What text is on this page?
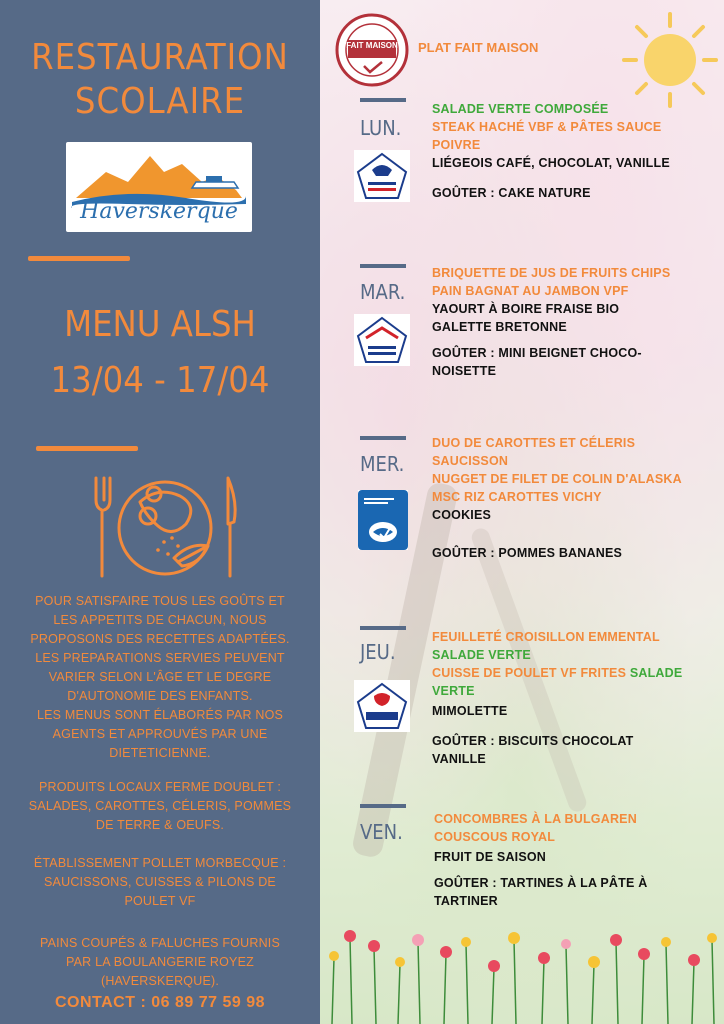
RESTAURATION
SCOLAIRE
Haverskerque
MENU ALSH
13/04 - 17/04
POUR SATISFAIRE TOUS LES GOÛTS ET
LES APPETITS DE CHACUN, NOUS
PROPOSONS DES RECETTES ADAPTÉES.
LES PREPARATIONS SERVIES PEUVENT
VARIER SELON L'ÂGE ET LE DEGRE
D'AUTONOMIE DES ENFANTS.
LES MENUS SONT ÉLABORÉS PAR NOS
AGENTS ET APPROUVÉS PAR UNE
DIETETICIENNE.
PRODUITS LOCAUX FERME DOUBLET :
SALADES, CAROTTES, CÉLERIS, POMMES
DE TERRE & OEUFS.
ÉTABLISSEMENT POLLET MORBECQUE :
SAUCISSONS, CUISSES & PILONS DE
POULET VF
PAINS COUPÉS & FALUCHES FOURNIS
PAR LA BOULANGERIE ROYEZ
(HAVERSKERQUE).
CONTACT : 06 89 77 59 98
FAIT MAISON PLAT FAIT MAISON
LUN.
SALADE VERTE COMPOSÉE
STEAK HACHÉ VBF & PÂTES SAUCE
POIVRE
LIÉGEOIS CAFÉ, CHOCOLAT, VANILLE
GOÛTER : CAKE NATURE
MAR.
BRIQUETTE DE JUS DE FRUITS CHIPS
PAIN BAGNAT AU JAMBON VPF
YAOURT À BOIRE FRAISE BIO
GALETTE BRETONNE
GOÛTER : MINI BEIGNET CHOCO-
NOISETTE
MER.
DUO DE CAROTTES ET CÉLERIS
SAUCISSON
NUGGET DE FILET DE COLIN D'ALASKA
MSC RIZ CAROTTES VICHY
COOKIES
GOÛTER : POMMES BANANES
JEU.
FEUILLETÉ CROISILLON EMMENTAL
SALADE VERTE
CUISSE DE POULET VF FRITES SALADE
VERTE
MIMOLETTE
GOÛTER : BISCUITS CHOCOLAT
VANILLE
VEN.
CONCOMBRES À LA BULGAREN
COUSCOUS ROYAL
FRUIT DE SAISON
GOÛTER : TARTINES À LA PÂTE À
TARTINER
